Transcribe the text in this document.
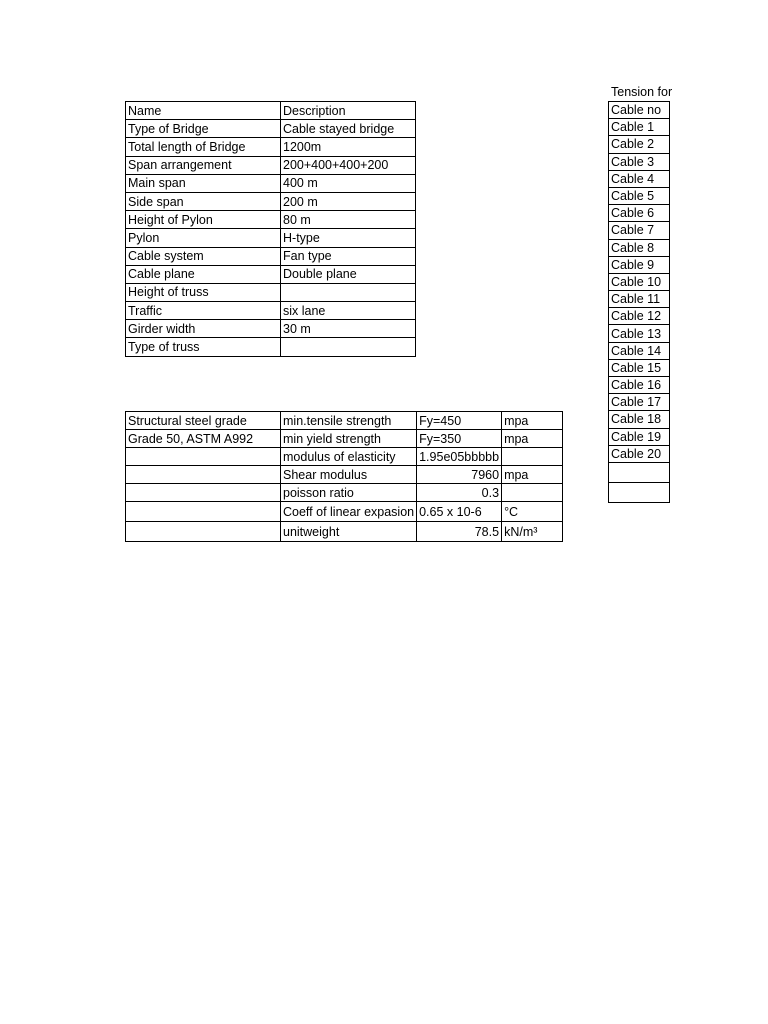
Name	Description
Type of Bridge	Cable stayed bridge
Total length of Bridge	1200m
Span arrangement	200+400+400+200
Main span	400 m
Side span	200 m
Height of Pylon	80 m
Pylon	H-type
Cable system	Fan type
Cable plane	Double plane
Height of truss	
Traffic	six lane
Girder width	30 m
Type of truss	
Structural steel grade	min.tensile strength	Fy=450	mpa
Grade 50, ASTM A992	min yield strength	Fy=350	mpa
	modulus of elasticity	1.95e05bbbbb	
	Shear modulus	7960	mpa
	poisson ratio	0.3	
	Coeff of linear expasion	0.65 x 10-6	°C
	unitweight	78.5	kN/m³
Tension for
Cable no
Cable 1
Cable 2
Cable 3
Cable 4
Cable 5
Cable 6
Cable 7
Cable 8
Cable 9
Cable 10
Cable 11
Cable 12
Cable 13
Cable 14
Cable 15
Cable 16
Cable 17
Cable 18
Cable 19
Cable 20
